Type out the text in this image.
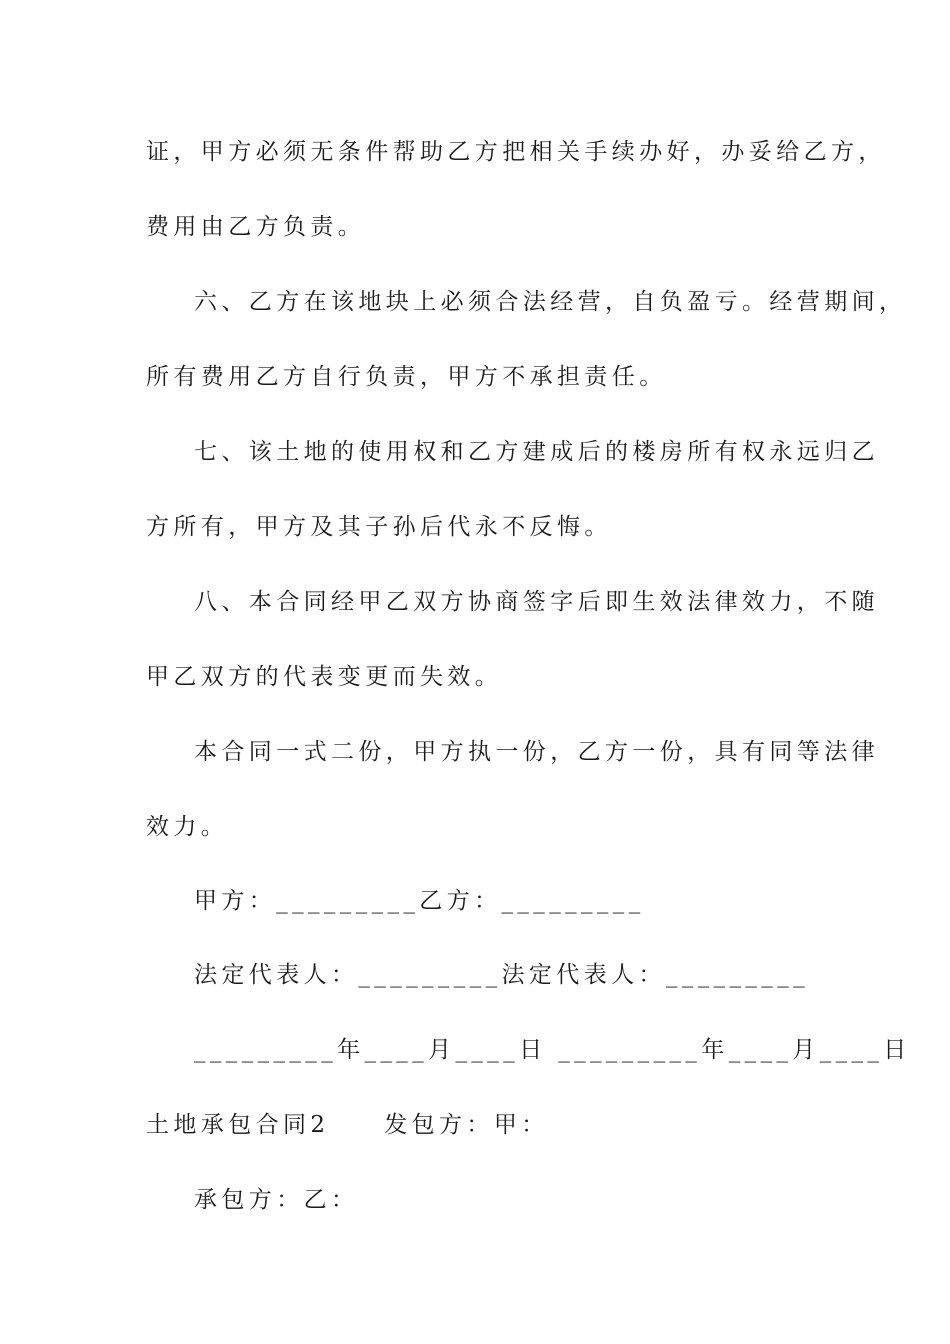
证，甲方必须无条件帮助乙方把相关手续办好，办妥给乙方，
费用由乙方负责。
六、乙方在该地块上必须合法经营，自负盈亏。经营期间，
所有费用乙方自行负责，甲方不承担责任。
七、该土地的使用权和乙方建成后的楼房所有权永远归乙
方所有，甲方及其子孙后代永不反悔。
八、本合同经甲乙双方协商签字后即生效法律效力，不随
甲乙双方的代表变更而失效。
本合同一式二份，甲方执一份，乙方一份，具有同等法律
效力。
甲方：_________乙方：_________
法定代表人：_________法定代表人：_________
_________年____月____日 _________年____月____日
土地承包合同2　　发包方：甲：
承包方：乙：
